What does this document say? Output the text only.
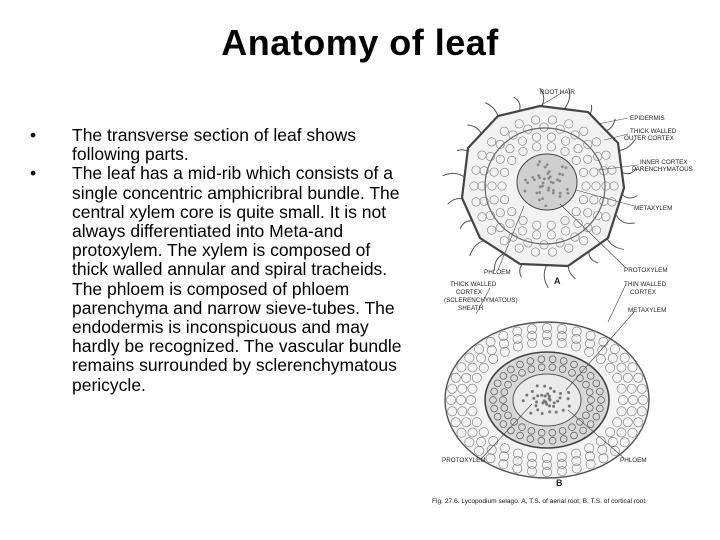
Anatomy of leaf
• The transverse section of leaf shows following parts.
• The leaf has a mid-rib which consists of a single concentric amphicribral bundle. The central xylem core is quite small. It is not always differentiated into Meta-and protoxylem. The xylem is composed of thick walled annular and spiral tracheids. The phloem is composed of phloem parenchyma and narrow sieve-tubes. The endodermis is inconspicuous and may hardly be recognized. The vascular bundle remains surrounded by sclerenchymatous pericycle.
ROOT HAIR
EPIDERMIS
THICK WALLED
OUTER CORTEX
INNER CORTEX
PARENCHYMATOUS
METAXYLEM
PHLOEM	PROTOXYLEM
A
THICK WALLED
CORTEX
(SCLERENCHYMATOUS)
SHEATH
THIN WALLED
CORTEX
METAXYLEM
PROTOXYLEM	PHLOEM
B
Fig. 27.6. Lycopodium selago. A, T.S. of aerial root; B, T.S. of cortical root.
